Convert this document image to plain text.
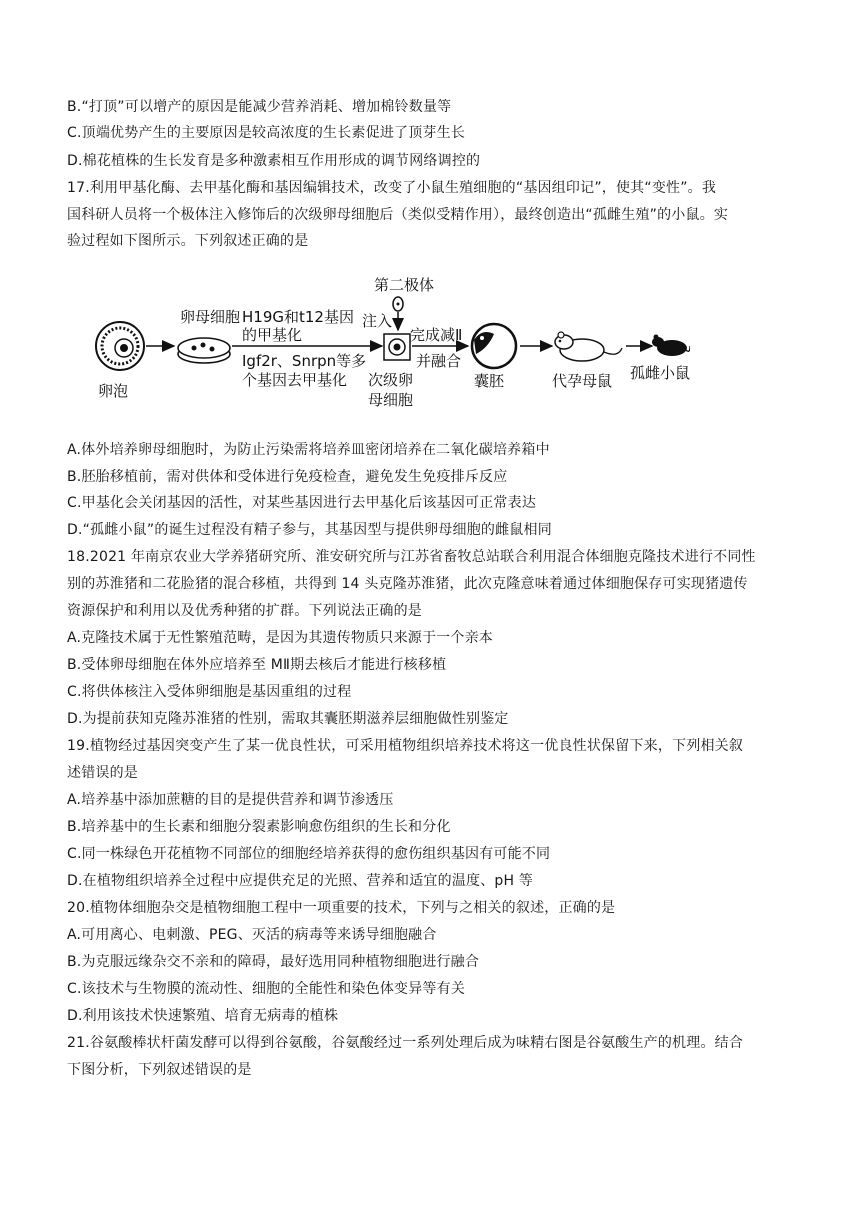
B.“打顶”可以增产的原因是能减少营养消耗、增加棉铃数量等
C.顶端优势产生的主要原因是较高浓度的生长素促进了顶芽生长
D.棉花植株的生长发育是多种激素相互作用形成的调节网络调控的
17.利用甲基化酶、去甲基化酶和基因编辑技术，改变了小鼠生殖细胞的“基因组印记”，使其“变性”。我
国科研人员将一个极体注入修饰后的次级卵母细胞后（类似受精作用），最终创造出“孤雌生殖”的小鼠。实
验过程如下图所示。下列叙述正确的是
卵泡
卵母细胞 H19G和t12基因
的甲基化
Igf2r、Snrpn等多
个基因去甲基化
第二极体
注入
次级卵
母细胞
完成减Ⅱ
并融合
囊胚	代孕母鼠 孤雌小鼠
A.体外培养卵母细胞时，为防止污染需将培养皿密闭培养在二氧化碳培养箱中
B.胚胎移植前，需对供体和受体进行免疫检查，避免发生免疫排斥反应
C.甲基化会关闭基因的活性，对某些基因进行去甲基化后该基因可正常表达
D.“孤雌小鼠”的诞生过程没有精子参与，其基因型与提供卵母细胞的雌鼠相同
18.2021 年南京农业大学养猪研究所、淮安研究所与江苏省畜牧总站联合利用混合体细胞克隆技术进行不同性
别的苏淮猪和二花脸猪的混合移植，共得到 14 头克隆苏淮猪，此次克隆意味着通过体细胞保存可实现猪遗传
资源保护和利用以及优秀种猪的扩群。下列说法正确的是
A.克隆技术属于无性繁殖范畴，是因为其遗传物质只来源于一个亲本
B.受体卵母细胞在体外应培养至 MⅡ期去核后才能进行核移植
C.将供体核注入受体卵细胞是基因重组的过程
D.为提前获知克隆苏淮猪的性别，需取其囊胚期滋养层细胞做性别鉴定
19.植物经过基因突变产生了某一优良性状，可采用植物组织培养技术将这一优良性状保留下来，下列相关叙
述错误的是
A.培养基中添加蔗糖的目的是提供营养和调节渗透压
B.培养基中的生长素和细胞分裂素影响愈伤组织的生长和分化
C.同一株绿色开花植物不同部位的细胞经培养获得的愈伤组织基因有可能不同
D.在植物组织培养全过程中应提供充足的光照、营养和适宜的温度、pH 等
20.植物体细胞杂交是植物细胞工程中一项重要的技术，下列与之相关的叙述，正确的是
A.可用离心、电刺激、PEG、灭活的病毒等来诱导细胞融合
B.为克服远缘杂交不亲和的障碍，最好选用同种植物细胞进行融合
C.该技术与生物膜的流动性、细胞的全能性和染色体变异等有关
D.利用该技术快速繁殖、培育无病毒的植株
21.谷氨酸棒状杆菌发酵可以得到谷氨酸，谷氨酸经过一系列处理后成为味精右图是谷氨酸生产的机理。结合
下图分析，下列叙述错误的是
